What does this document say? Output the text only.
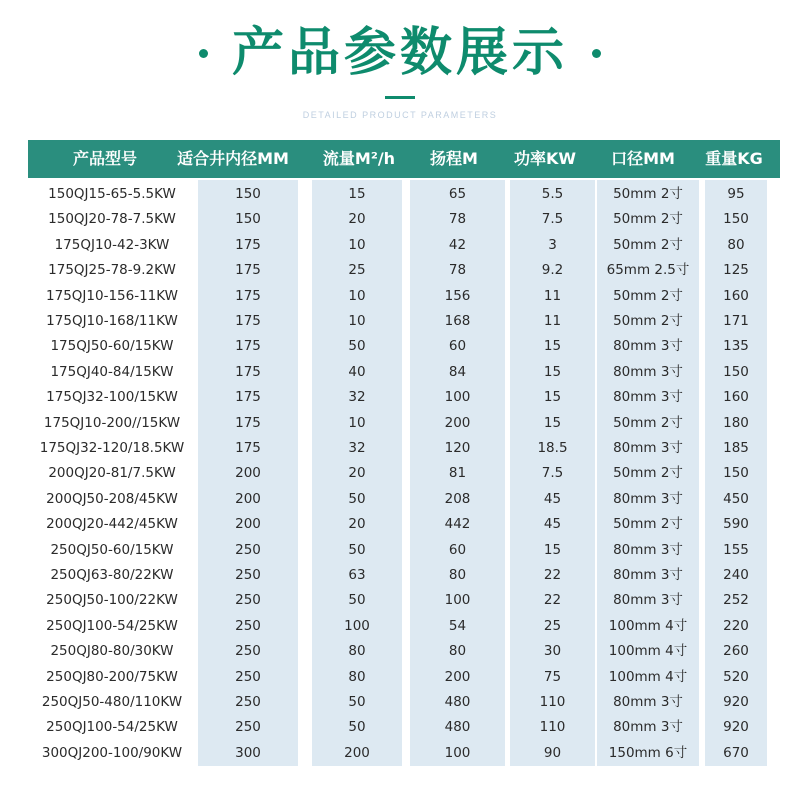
产品参数展示
DETAILED PRODUCT PARAMETERS
产品型号	适合井内径MM	流量M²/h	扬程M	功率KW	口径MM	重量KG
150QJ15-65-5.5KW	150	15	65	5.5	50mm 2寸	95
150QJ20-78-7.5KW	150	20	78	7.5	50mm 2寸	150
175QJ10-42-3KW	175	10	42	3	50mm 2寸	80
175QJ25-78-9.2KW	175	25	78	9.2	65mm 2.5寸	125
175QJ10-156-11KW	175	10	156	11	50mm 2寸	160
175QJ10-168/11KW	175	10	168	11	50mm 2寸	171
175QJ50-60/15KW	175	50	60	15	80mm 3寸	135
175QJ40-84/15KW	175	40	84	15	80mm 3寸	150
175QJ32-100/15KW	175	32	100	15	80mm 3寸	160
175QJ10-200//15KW	175	10	200	15	50mm 2寸	180
175QJ32-120/18.5KW	175	32	120	18.5	80mm 3寸	185
200QJ20-81/7.5KW	200	20	81	7.5	50mm 2寸	150
200QJ50-208/45KW	200	50	208	45	80mm 3寸	450
200QJ20-442/45KW	200	20	442	45	50mm 2寸	590
250QJ50-60/15KW	250	50	60	15	80mm 3寸	155
250QJ63-80/22KW	250	63	80	22	80mm 3寸	240
250QJ50-100/22KW	250	50	100	22	80mm 3寸	252
250QJ100-54/25KW	250	100	54	25	100mm 4寸	220
250QJ80-80/30KW	250	80	80	30	100mm 4寸	260
250QJ80-200/75KW	250	80	200	75	100mm 4寸	520
250QJ50-480/110KW	250	50	480	110	80mm 3寸	920
250QJ100-54/25KW	250	50	480	110	80mm 3寸	920
300QJ200-100/90KW	300	200	100	90	150mm 6寸	670
